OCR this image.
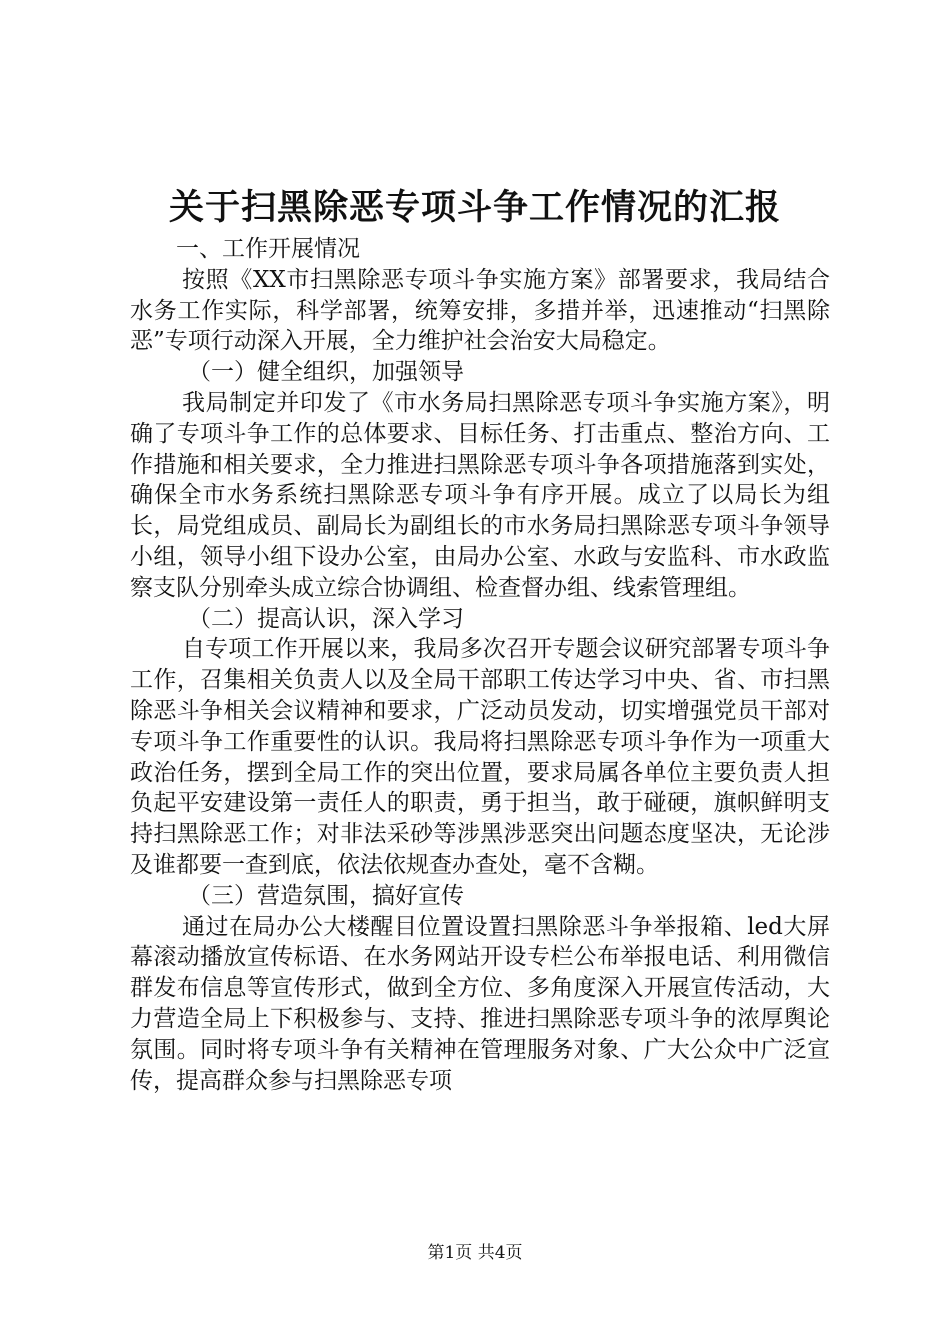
关于扫黑除恶专项斗争工作情况的汇报

一、工作开展情况

按照《XX市扫黑除恶专项斗争实施方案》部署要求，我局结合水务工作实际，科学部署，统筹安排，多措并举，迅速推动“扫黑除恶”专项行动深入开展，全力维护社会治安大局稳定。

（一）健全组织，加强领导

我局制定并印发了《市水务局扫黑除恶专项斗争实施方案》，明确了专项斗争工作的总体要求、目标任务、打击重点、整治方向、工作措施和相关要求，全力推进扫黑除恶专项斗争各项措施落到实处，确保全市水务系统扫黑除恶专项斗争有序开展。成立了以局长为组长，局党组成员、副局长为副组长的市水务局扫黑除恶专项斗争领导小组，领导小组下设办公室，由局办公室、水政与安监科、市水政监察支队分别牵头成立综合协调组、检查督办组、线索管理组。

（二）提高认识，深入学习

自专项工作开展以来，我局多次召开专题会议研究部署专项斗争工作，召集相关负责人以及全局干部职工传达学习中央、省、市扫黑除恶斗争相关会议精神和要求，广泛动员发动，切实增强党员干部对专项斗争工作重要性的认识。我局将扫黑除恶专项斗争作为一项重大政治任务，摆到全局工作的突出位置，要求局属各单位主要负责人担负起平安建设第一责任人的职责，勇于担当，敢于碰硬，旗帜鲜明支持扫黑除恶工作；对非法采砂等涉黑涉恶突出问题态度坚决，无论涉及谁都要一查到底，依法依规查办查处，毫不含糊。

（三）营造氛围，搞好宣传

通过在局办公大楼醒目位置设置扫黑除恶斗争举报箱、led大屏幕滚动播放宣传标语、在水务网站开设专栏公布举报电话、利用微信群发布信息等宣传形式，做到全方位、多角度深入开展宣传活动，大力营造全局上下积极参与、支持、推进扫黑除恶专项斗争的浓厚舆论氛围。同时将专项斗争有关精神在管理服务对象、广大公众中广泛宣传，提高群众参与扫黑除恶专项

第1页 共4页
